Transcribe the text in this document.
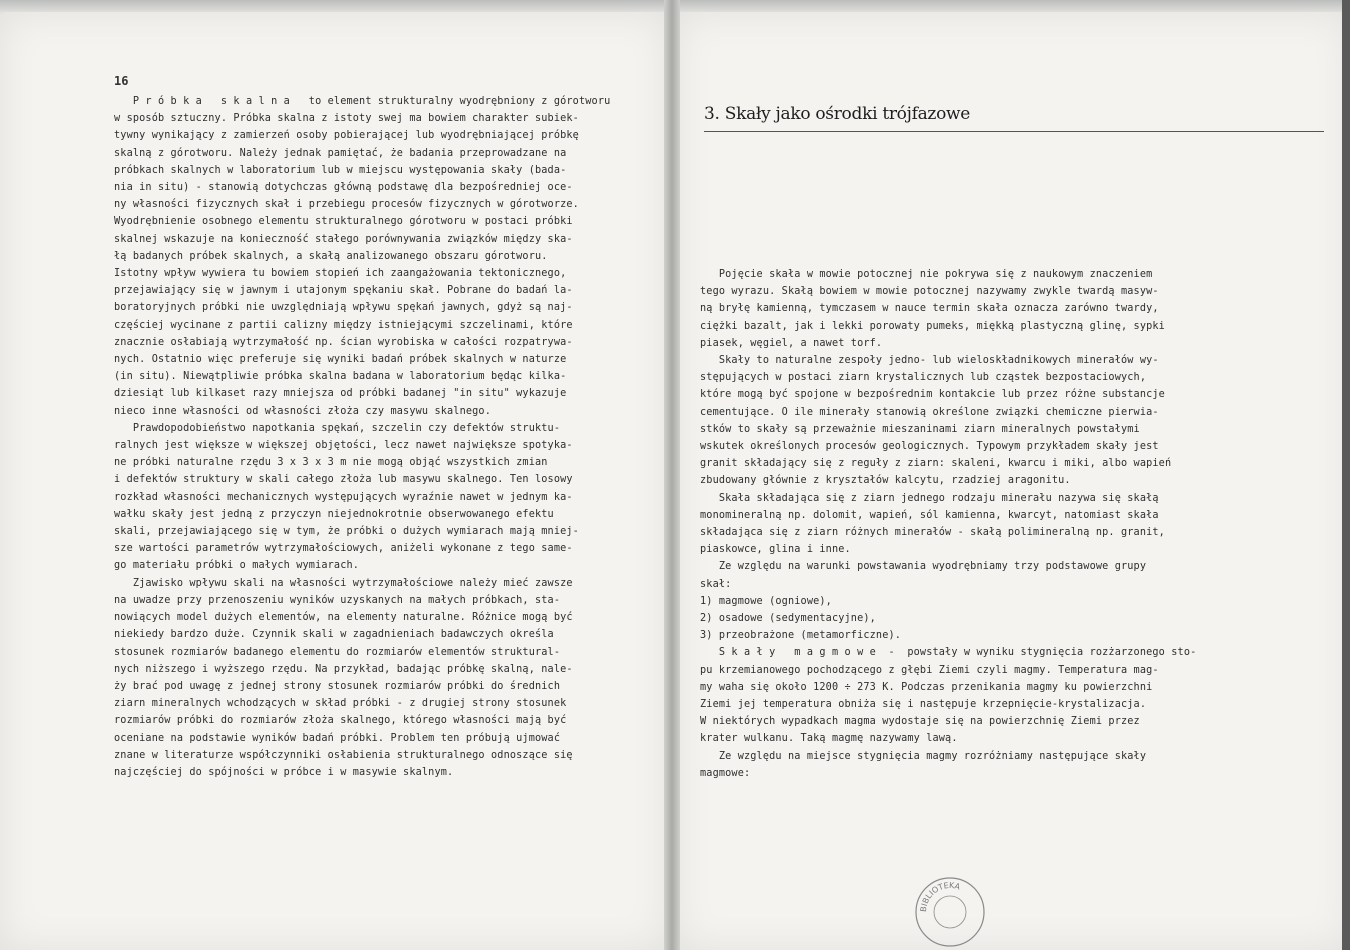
16
P r ó b k a   s k a l n a   to element strukturalny wyodrębniony z górotworu
w sposób sztuczny. Próbka skalna z istoty swej ma bowiem charakter subiek-
tywny wynikający z zamierzeń osoby pobierającej lub wyodrębniającej próbkę
skalną z górotworu. Należy jednak pamiętać, że badania przeprowadzane na
próbkach skalnych w laboratorium lub w miejscu występowania skały (bada-
nia in situ) - stanowią dotychczas główną podstawę dla bezpośredniej oce-
ny własności fizycznych skał i przebiegu procesów fizycznych w górotworze.
Wyodrębnienie osobnego elementu strukturalnego górotworu w postaci próbki
skalnej wskazuje na konieczność stałego porównywania związków między ska-
łą badanych próbek skalnych, a skałą analizowanego obszaru górotworu.
Istotny wpływ wywiera tu bowiem stopień ich zaangażowania tektonicznego,
przejawiający się w jawnym i utajonym spękaniu skał. Pobrane do badań la-
boratoryjnych próbki nie uwzględniają wpływu spękań jawnych, gdyż są naj-
częściej wycinane z partii calizny między istniejącymi szczelinami, które
znacznie osłabiają wytrzymałość np. ścian wyrobiska w całości rozpatrywa-
nych. Ostatnio więc preferuje się wyniki badań próbek skalnych w naturze
(in situ). Niewątpliwie próbka skalna badana w laboratorium będąc kilka-
dziesiąt lub kilkaset razy mniejsza od próbki badanej "in situ" wykazuje
nieco inne własności od własności złoża czy masywu skalnego.
Prawdopodobieństwo napotkania spękań, szczelin czy defektów struktu-
ralnych jest większe w większej objętości, lecz nawet największe spotyka-
ne próbki naturalne rzędu 3 x 3 x 3 m nie mogą objąć wszystkich zmian
i defektów struktury w skali całego złoża lub masywu skalnego. Ten losowy
rozkład własności mechanicznych występujących wyraźnie nawet w jednym ka-
wałku skały jest jedną z przyczyn niejednokrotnie obserwowanego efektu
skali, przejawiającego się w tym, że próbki o dużych wymiarach mają mniej-
sze wartości parametrów wytrzymałościowych, aniżeli wykonane z tego same-
go materiału próbki o małych wymiarach.
Zjawisko wpływu skali na własności wytrzymałościowe należy mieć zawsze
na uwadze przy przenoszeniu wyników uzyskanych na małych próbkach, sta-
nowiących model dużych elementów, na elementy naturalne. Różnice mogą być
niekiedy bardzo duże. Czynnik skali w zagadnieniach badawczych określa
stosunek rozmiarów badanego elementu do rozmiarów elementów struktural-
nych niższego i wyższego rzędu. Na przykład, badając próbkę skalną, nale-
ży brać pod uwagę z jednej strony stosunek rozmiarów próbki do średnich
ziarn mineralnych wchodzących w skład próbki - z drugiej strony stosunek
rozmiarów próbki do rozmiarów złoża skalnego, którego własności mają być
oceniane na podstawie wyników badań próbki. Problem ten próbują ujmować
znane w literaturze współczynniki osłabienia strukturalnego odnoszące się
najczęściej do spójności w próbce i w masywie skalnym.
3. Skały jako ośrodki trójfazowe
Pojęcie skała w mowie potocznej nie pokrywa się z naukowym znaczeniem
tego wyrazu. Skałą bowiem w mowie potocznej nazywamy zwykle twardą masyw-
ną bryłę kamienną, tymczasem w nauce termin skała oznacza zarówno twardy,
ciężki bazalt, jak i lekki porowaty pumeks, miękką plastyczną glinę, sypki
piasek, węgiel, a nawet torf.
Skały to naturalne zespoły jedno- lub wieloskładnikowych minerałów wy-
stępujących w postaci ziarn krystalicznych lub cząstek bezpostaciowych,
które mogą być spojone w bezpośrednim kontakcie lub przez różne substancje
cementujące. O ile minerały stanowią określone związki chemiczne pierwia-
stków to skały są przeważnie mieszaninami ziarn mineralnych powstałymi
wskutek określonych procesów geologicznych. Typowym przykładem skały jest
granit składający się z reguły z ziarn: skaleni, kwarcu i miki, albo wapień
zbudowany głównie z kryształów kalcytu, rzadziej aragonitu.
Skała składająca się z ziarn jednego rodzaju minerału nazywa się skałą
monomineralną np. dolomit, wapień, sól kamienna, kwarcyt, natomiast skała
składająca się z ziarn różnych minerałów - skałą polimineralną np. granit,
piaskowce, glina i inne.
Ze względu na warunki powstawania wyodrębniamy trzy podstawowe grupy
skał:
1) magmowe (ogniowe),
2) osadowe (sedymentacyjne),
3) przeobrażone (metamorficzne).
S k a ł y   m a g m o w e  -  powstały w wyniku stygnięcia rozżarzonego sto-
pu krzemianowego pochodzącego z głębi Ziemi czyli magmy. Temperatura mag-
my waha się około 1200 ÷ 273 K. Podczas przenikania magmy ku powierzchni
Ziemi jej temperatura obniża się i następuje krzepnięcie-krystalizacja.
W niektórych wypadkach magma wydostaje się na powierzchnię Ziemi przez
krater wulkanu. Taką magmę nazywamy lawą.
Ze względu na miejsce stygnięcia magmy rozróżniamy następujące skały
magmowe:
BIBLIOTEKA
